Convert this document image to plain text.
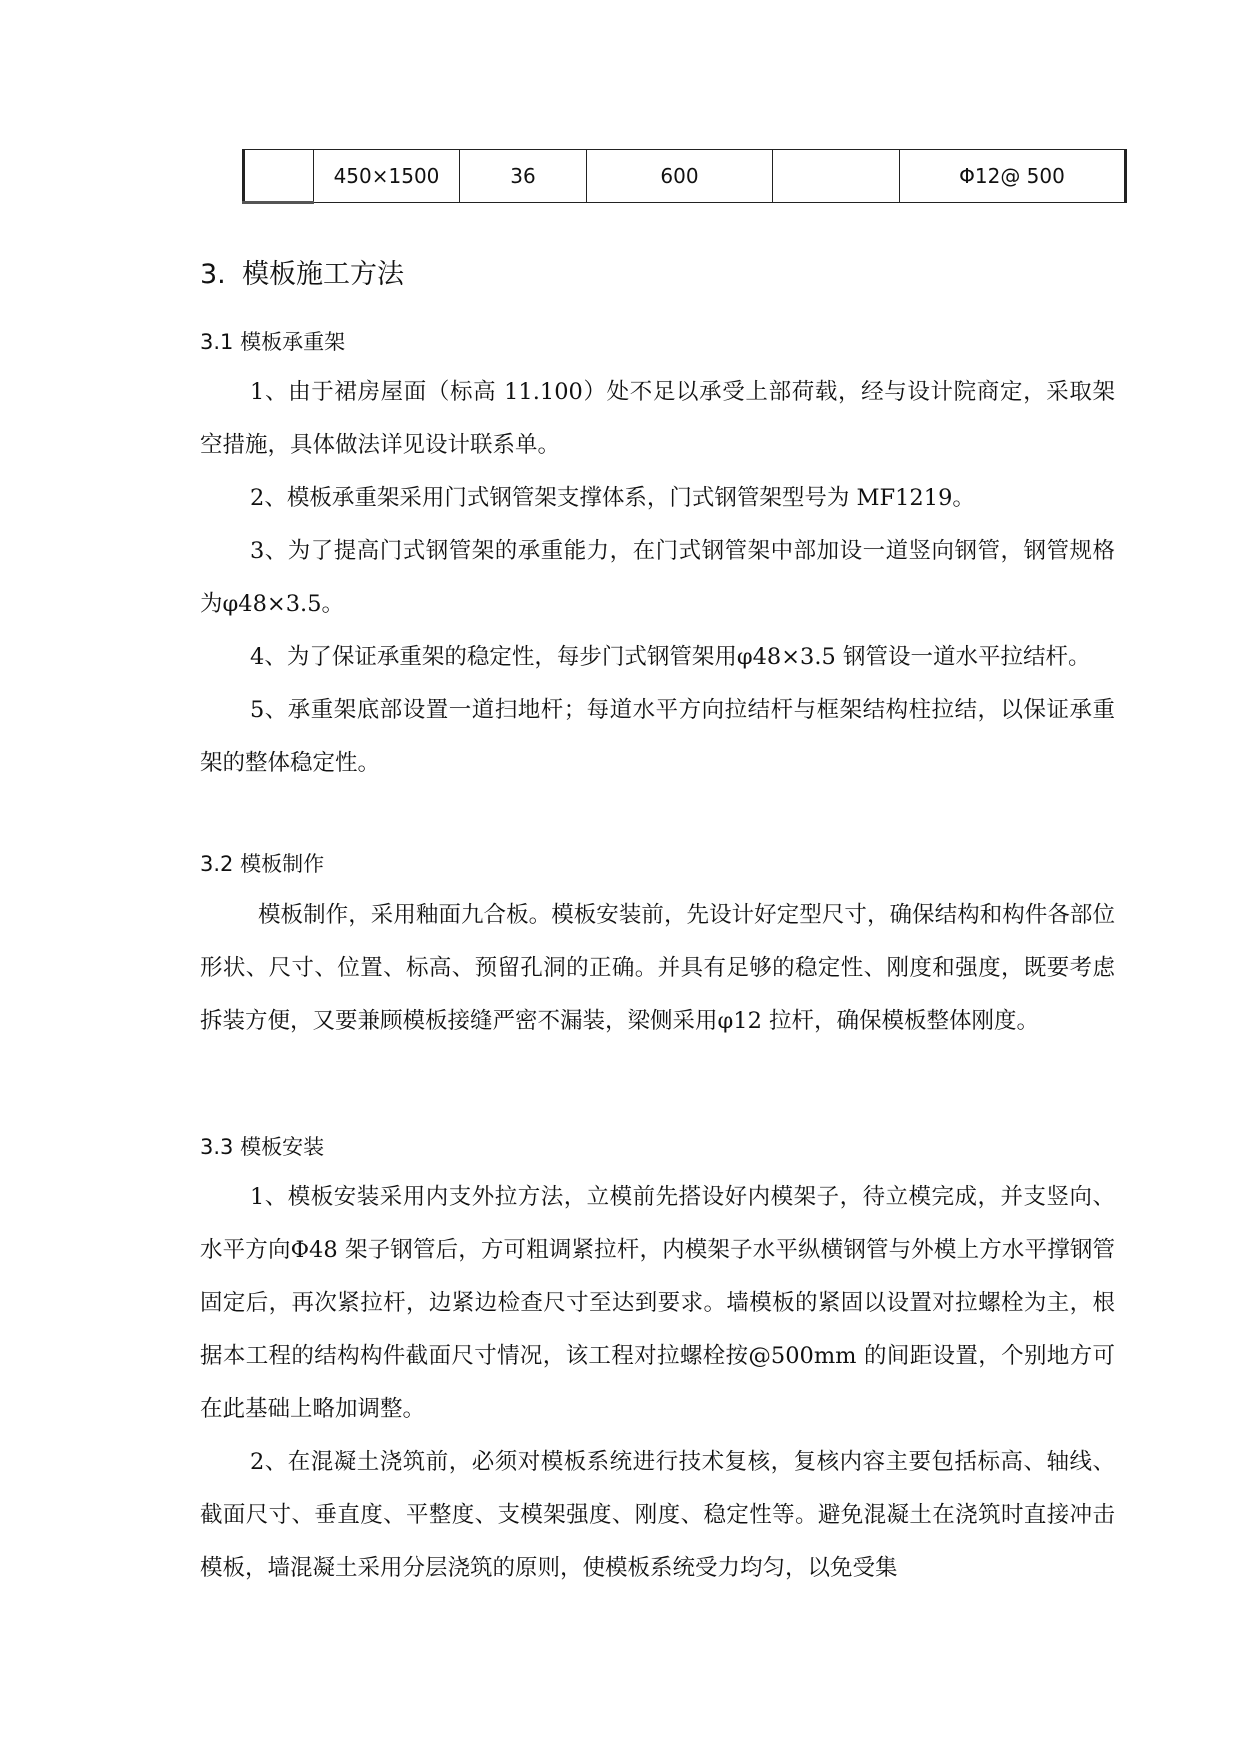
	450×1500	36	600		Φ12@ 500
3. 模板施工方法
3.1 模板承重架

1、由于裙房屋面（标高 11.100）处不足以承受上部荷载，经与设计院商定，采取架空措施，具体做法详见设计联系单。

2、模板承重架采用门式钢管架支撑体系，门式钢管架型号为 MF1219。

3、为了提高门式钢管架的承重能力，在门式钢管架中部加设一道竖向钢管，钢管规格为φ48×3.5。

4、为了保证承重架的稳定性，每步门式钢管架用φ48×3.5 钢管设一道水平拉结杆。

5、承重架底部设置一道扫地杆；每道水平方向拉结杆与框架结构柱拉结，以保证承重架的整体稳定性。

3.2 模板制作

模板制作，采用釉面九合板。模板安装前，先设计好定型尺寸，确保结构和构件各部位形状、尺寸、位置、标高、预留孔洞的正确。并具有足够的稳定性、刚度和强度，既要考虑拆装方便，又要兼顾模板接缝严密不漏装，梁侧采用φ12 拉杆，确保模板整体刚度。

3.3 模板安装

1、模板安装采用内支外拉方法，立模前先搭设好内模架子，待立模完成，并支竖向、水平方向Φ48 架子钢管后，方可粗调紧拉杆，内模架子水平纵横钢管与外模上方水平撑钢管固定后，再次紧拉杆，边紧边检查尺寸至达到要求。墙模板的紧固以设置对拉螺栓为主，根据本工程的结构构件截面尺寸情况，该工程对拉螺栓按@500mm 的间距设置，个别地方可在此基础上略加调整。

2、在混凝土浇筑前，必须对模板系统进行技术复核，复核内容主要包括标高、轴线、截面尺寸、垂直度、平整度、支模架强度、刚度、稳定性等。避免混凝土在浇筑时直接冲击模板，墙混凝土采用分层浇筑的原则，使模板系统受力均匀，以免受集
